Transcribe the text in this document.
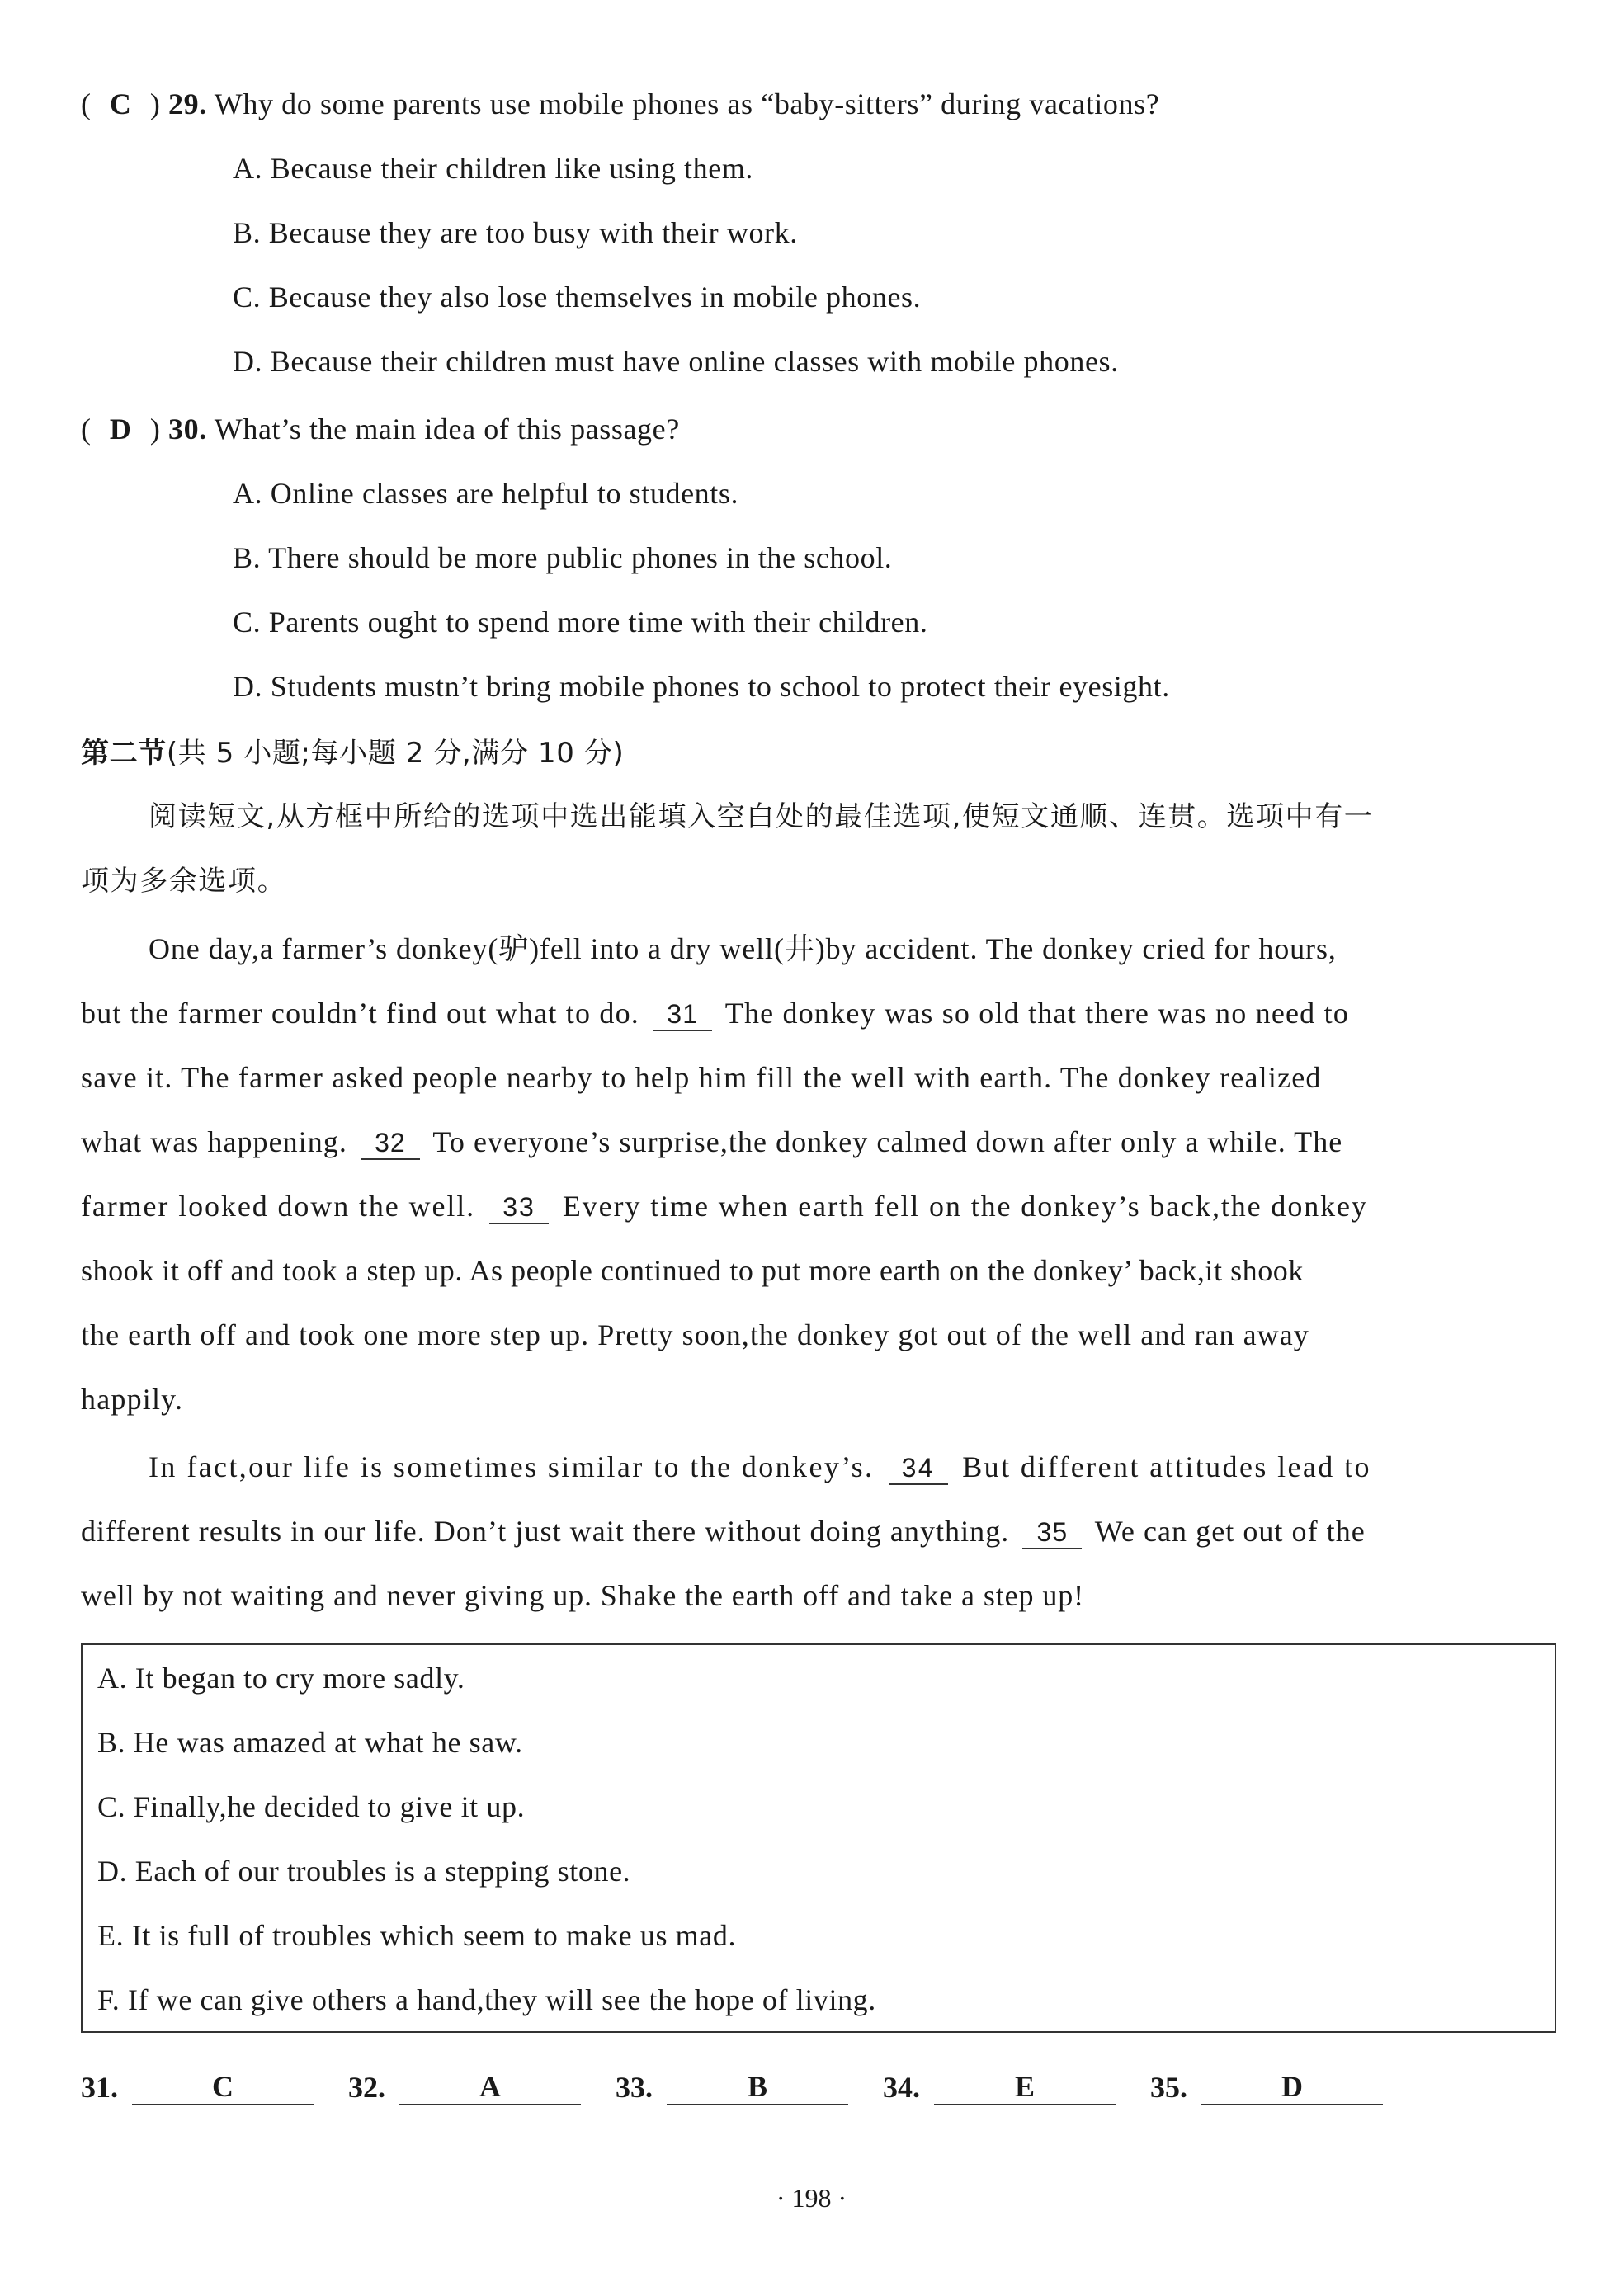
( C ) 29. Why do some parents use mobile phones as “baby-sitters” during vacations?
A. Because their children like using them.
B. Because they are too busy with their work.
C. Because they also lose themselves in mobile phones.
D. Because their children must have online classes with mobile phones.
( D ) 30. What’s the main idea of this passage?
A. Online classes are helpful to students.
B. There should be more public phones in the school.
C. Parents ought to spend more time with their children.
D. Students mustn’t bring mobile phones to school to protect their eyesight.
第二节(共 5 小题;每小题 2 分,满分 10 分)
阅读短文,从方框中所给的选项中选出能填入空白处的最佳选项,使短文通顺、连贯。选项中有一
项为多余选项。
One day,a farmer’s donkey(驴)fell into a dry well(井)by accident. The donkey cried for hours,
but the farmer couldn’t find out what to do. 31 The donkey was so old that there was no need to
save it. The farmer asked people nearby to help him fill the well with earth. The donkey realized
what was happening. 32 To everyone’s surprise,the donkey calmed down after only a while. The
farmer looked down the well. 33 Every time when earth fell on the donkey’s back,the donkey
shook it off and took a step up. As people continued to put more earth on the donkey’ back,it shook
the earth off and took one more step up. Pretty soon,the donkey got out of the well and ran away
happily.
In fact,our life is sometimes similar to the donkey’s. 34 But different attitudes lead to
different results in our life. Don’t just wait there without doing anything. 35 We can get out of the
well by not waiting and never giving up. Shake the earth off and take a step up!
A. It began to cry more sadly.
B. He was amazed at what he saw.
C. Finally,he decided to give it up.
D. Each of our troubles is a stepping stone.
E. It is full of troubles which seem to make us mad.
F. If we can give others a hand,they will see the hope of living.
31.	C	32.	A	33.	B	34.	E	35.	D
· 198 ·
